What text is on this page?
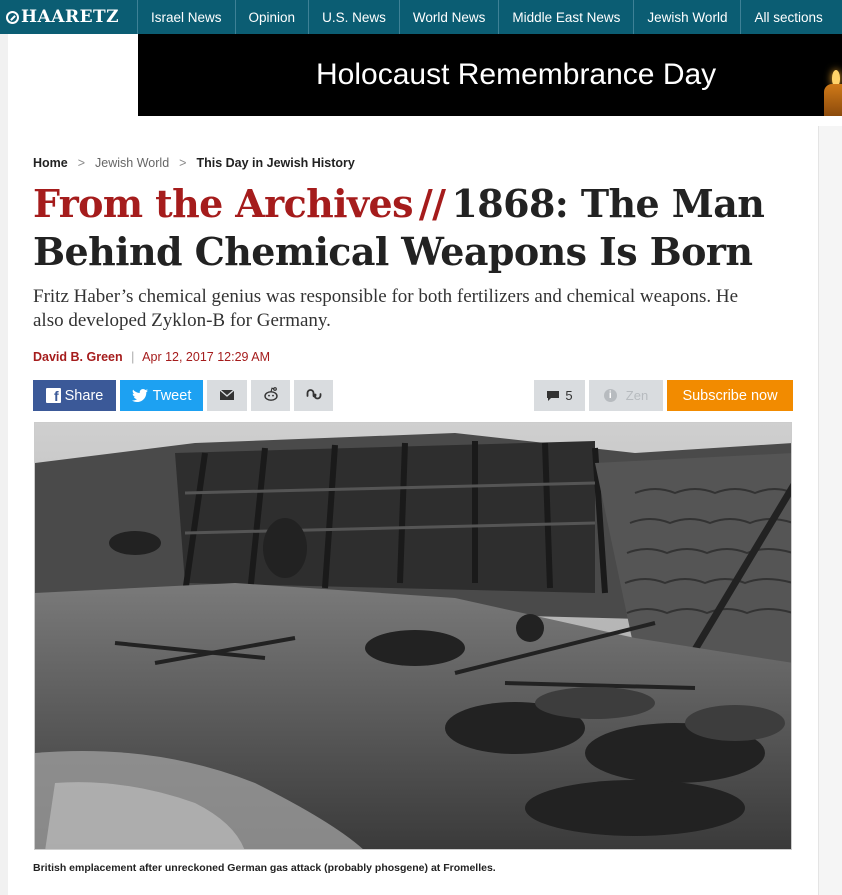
HAARETZ	Israel News	Opinion	U.S. News	World News	Middle East News	Jewish World	All sections
Holocaust Remembrance Day
Home > Jewish World > This Day in Jewish History
From the Archives // 1868: The Man Behind Chemical Weapons Is Born

Fritz Haber’s chemical genius was responsible for both fertilizers and chemical weapons. He also developed Zyklon-B for Germany.

David B. Green | Apr 12, 2017 12:29 AM
f Share	Tweet	5	i	Zen Subscribe now
British emplacement after unreckoned German gas attack (probably phosgene) at Fromelles.
